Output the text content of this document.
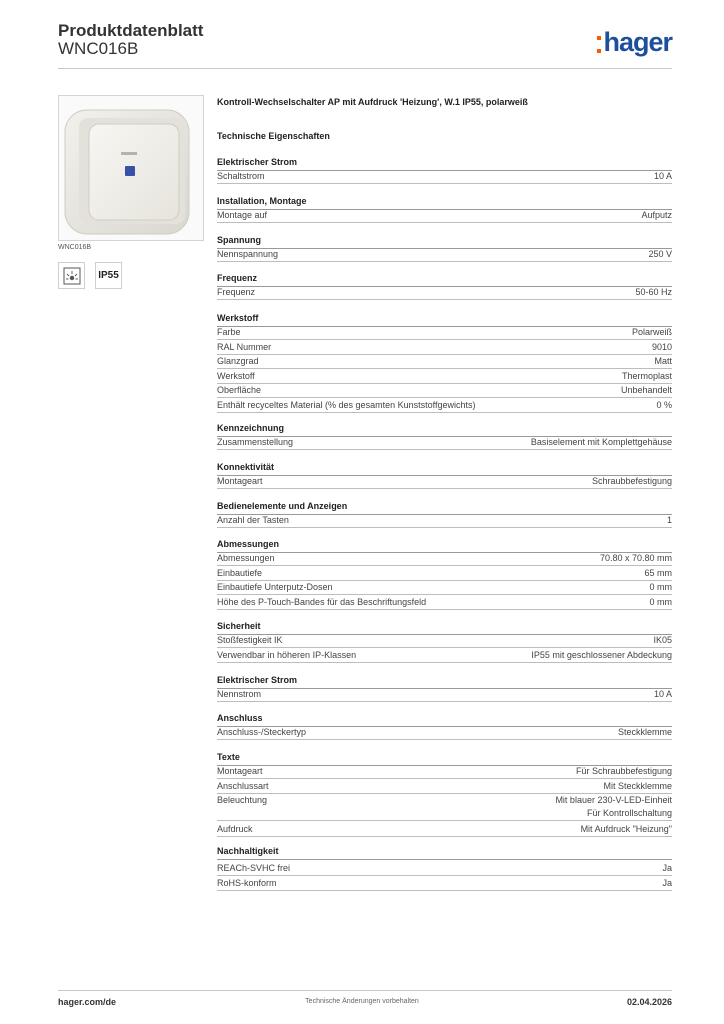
Produktdatenblatt
WNC016B	hager
WNC016B
IP55
Kontroll-Wechselschalter AP mit Aufdruck 'Heizung', W.1 IP55, polarweiß
Technische Eigenschaften
Elektrischer Strom
Schaltstrom	10 A
Installation, Montage
Montage auf	Aufputz
Spannung
Nennspannung	250 V
Frequenz
Frequenz	50-60 Hz
Werkstoff
Farbe	Polarweiß
RAL Nummer	9010
Glanzgrad	Matt
Werkstoff	Thermoplast
Oberfläche	Unbehandelt
Enthält recyceltes Material (% des gesamten Kunststoffgewichts)	0 %
Kennzeichnung
Zusammenstellung	Basiselement mit Komplettgehäuse
Konnektivität
Montageart	Schraubbefestigung
Bedienelemente und Anzeigen
Anzahl der Tasten	1
Abmessungen
Abmessungen	70.80 x 70.80 mm
Einbautiefe	65 mm
Einbautiefe Unterputz-Dosen	0 mm
Höhe des P-Touch-Bandes für das Beschriftungsfeld	0 mm
Sicherheit
Stoßfestigkeit IK	IK05
Verwendbar in höheren IP-Klassen	IP55 mit geschlossener Abdeckung
Elektrischer Strom
Nennstrom	10 A
Anschluss
Anschluss-/Steckertyp	Steckklemme
Texte
Montageart	Für Schraubbefestigung
Anschlussart	Mit Steckklemme
Beleuchtung	Mit blauer 230-V-LED-Einheit
Für Kontrollschaltung
Aufdruck	Mit Aufdruck "Heizung"
Nachhaltigkeit
REACh-SVHC frei	Ja
RoHS-konform	Ja
hager.com/de	Technische Änderungen vorbehalten	02.04.2026
